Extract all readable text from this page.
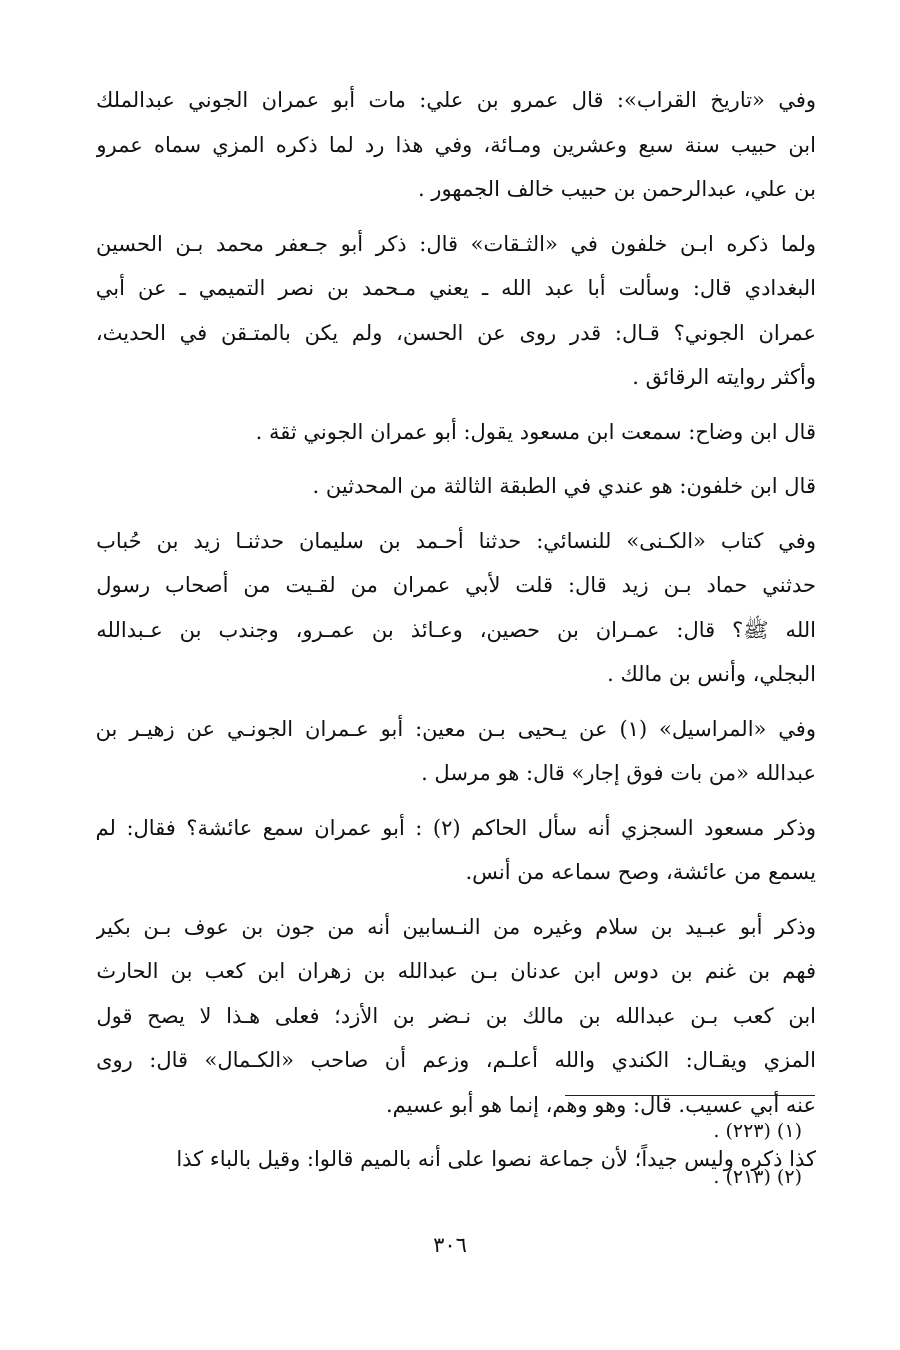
وفي «تاريخ القراب»: قال عمرو بن علي: مات أبو عمران الجوني عبدالملك
ابن حبيب سنة سبع وعشرين ومـائة، وفي هذا رد لما ذكره المزي سماه عمرو
بن علي، عبدالرحمن بن حبيب خالف الجمهور .
ولما ذكره ابـن خلفون في «الثـقات» قال: ذكر أبو جـعفر محمد بـن الحسين
البغدادي قال: وسألت أبا عبد الله ـ يعني مـحمد بن نصر التميمي ـ عن أبي
عمران الجوني؟ قـال: قدر روى عن الحسن، ولم يكن بالمتـقن في الحديث،
وأكثر روايته الرقائق .
قال ابن وضاح: سمعت ابن مسعود يقول: أبو عمران الجوني ثقة .
قال ابن خلفون: هو عندي في الطبقة الثالثة من المحدثين .
وفي كتاب «الكـنى» للنسائي: حدثنا أحـمد بن سليمان حدثنـا زيد بن حُباب
حدثني حماد بـن زيد قال: قلت لأبي عمران من لقـيت من أصحاب رسول
الله ﷺ؟ قال: عمـران بن حصين، وعـائذ بن عمـرو، وجندب بن عـبدالله
البجلي، وأنس بن مالك .
وفي «المراسيل» (١) عن يـحيى بـن معين: أبو عـمران الجونـي عن زهيـر بن
عبدالله «من بات فوق إجار» قال: هو مرسل .
وذكر مسعود السجزي أنه سأل الحاكم (٢) : أبو عمران سمع عائشة؟ فقال: لم
يسمع من عائشة، وصح سماعه من أنس.
وذكر أبو عبـيد بن سلام وغيره من النـسابين أنه من جون بن عوف بـن بكير
فهم بن غنم بن دوس ابن عدنان بـن عبدالله بن زهران ابن كعب بن الحارث
ابن كعب بـن عبدالله بن مالك بن نـضر بن الأزد؛ فعلى هـذا لا يصح قول
المزي ويقـال: الكندي والله أعلـم، وزعم أن صاحب «الكـمال» قال: روى
عنه أبي عسيب. قال: وهو وهم، إنما هو أبو عسيم.
كذا ذكره وليس جيداً؛ لأن جماعة نصوا على أنه بالميم قالوا: وقيل بالباء كذا
(١) (٢٢٣) .
(٢) (٢١٣) .
٣٠٦
